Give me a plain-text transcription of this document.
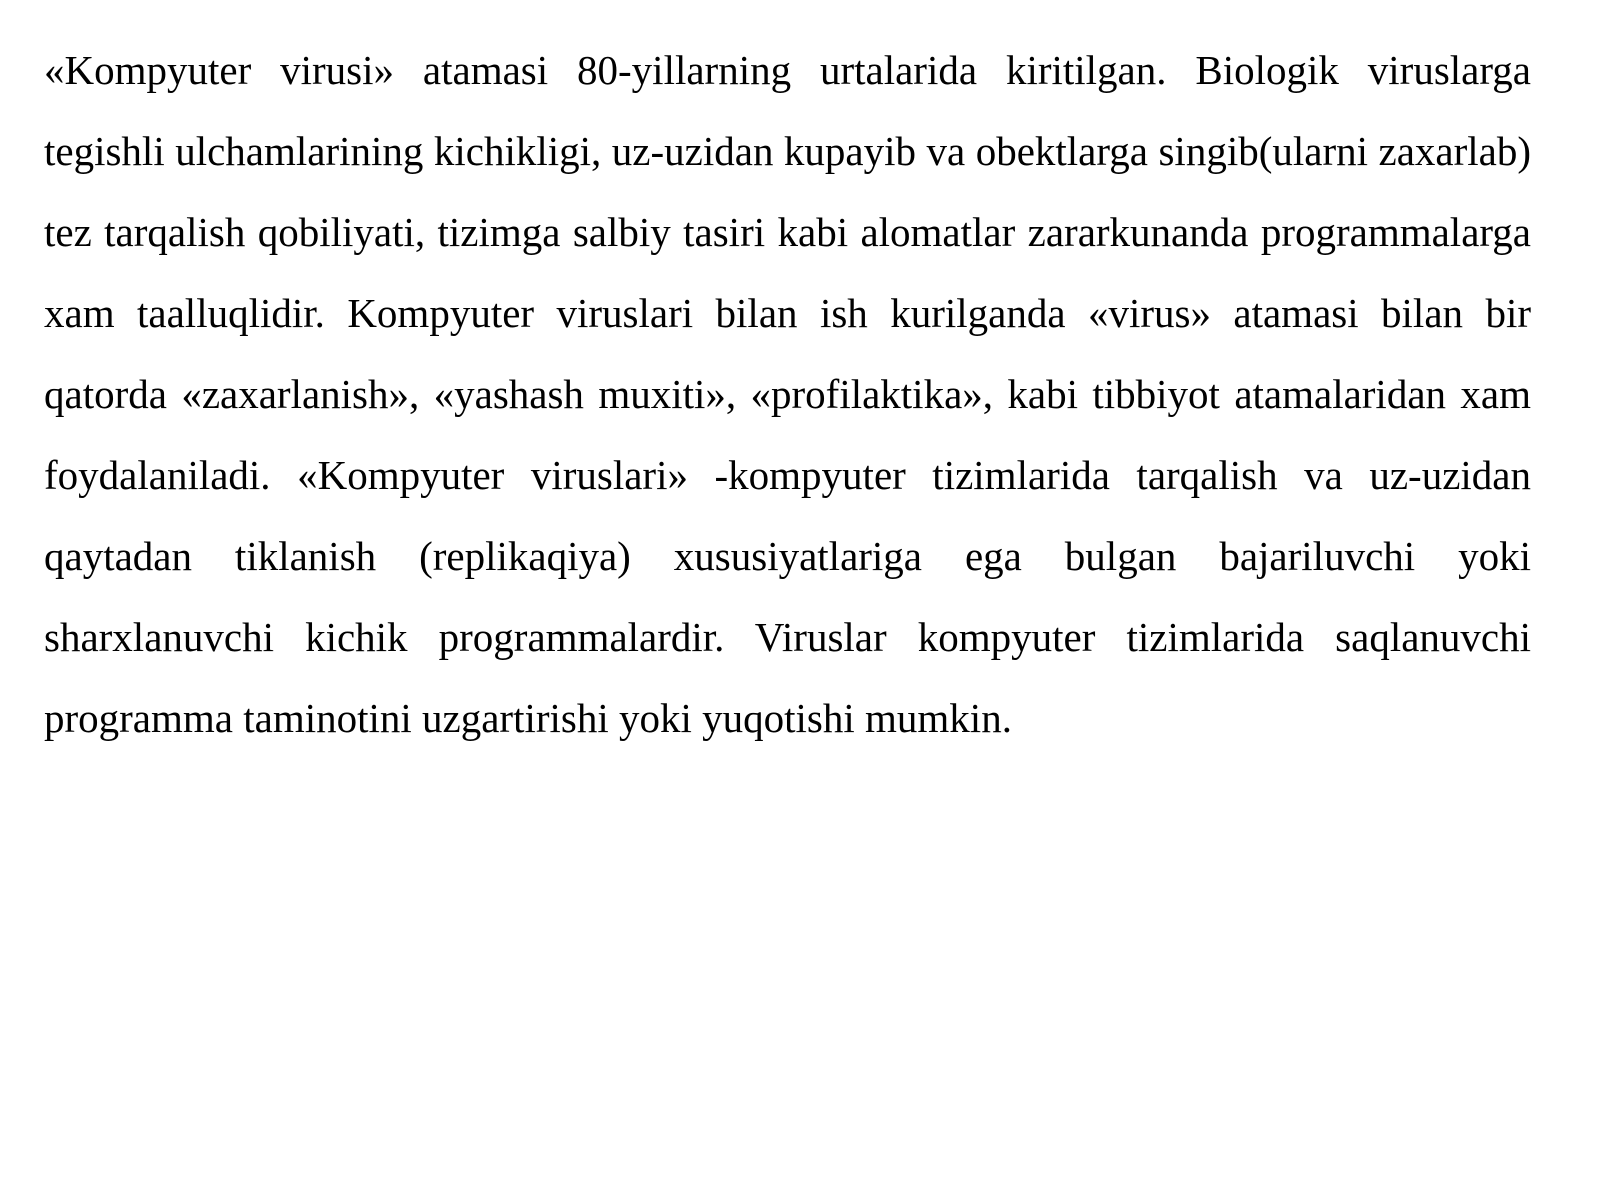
«Kompyuter virusi» atamasi 80-yillarning urtalarida kiritilgan. Biologik viruslarga tegishli ulchamlarining kichikligi, uz-uzidan kupayib va obektlarga singib(ularni zaxarlab) tez tarqalish qobiliyati, tizimga salbiy tasiri kabi alomatlar zararkunanda programmalarga xam taalluqlidir. Kompyuter viruslari bilan ish kurilganda «virus» atamasi bilan bir qatorda «zaxarlanish», «yashash muxiti», «profilaktika», kabi tibbiyot atamalaridan xam foydalaniladi. «Kompyuter viruslari» -kompyuter tizimlarida tarqalish va uz-uzidan qaytadan tiklanish (replikaqiya) xususiyatlariga ega bulgan bajariluvchi yoki sharxlanuvchi kichik programmalardir. Viruslar kompyuter tizimlarida saqlanuvchi programma taminotini uzgartirishi yoki yuqotishi mumkin.
